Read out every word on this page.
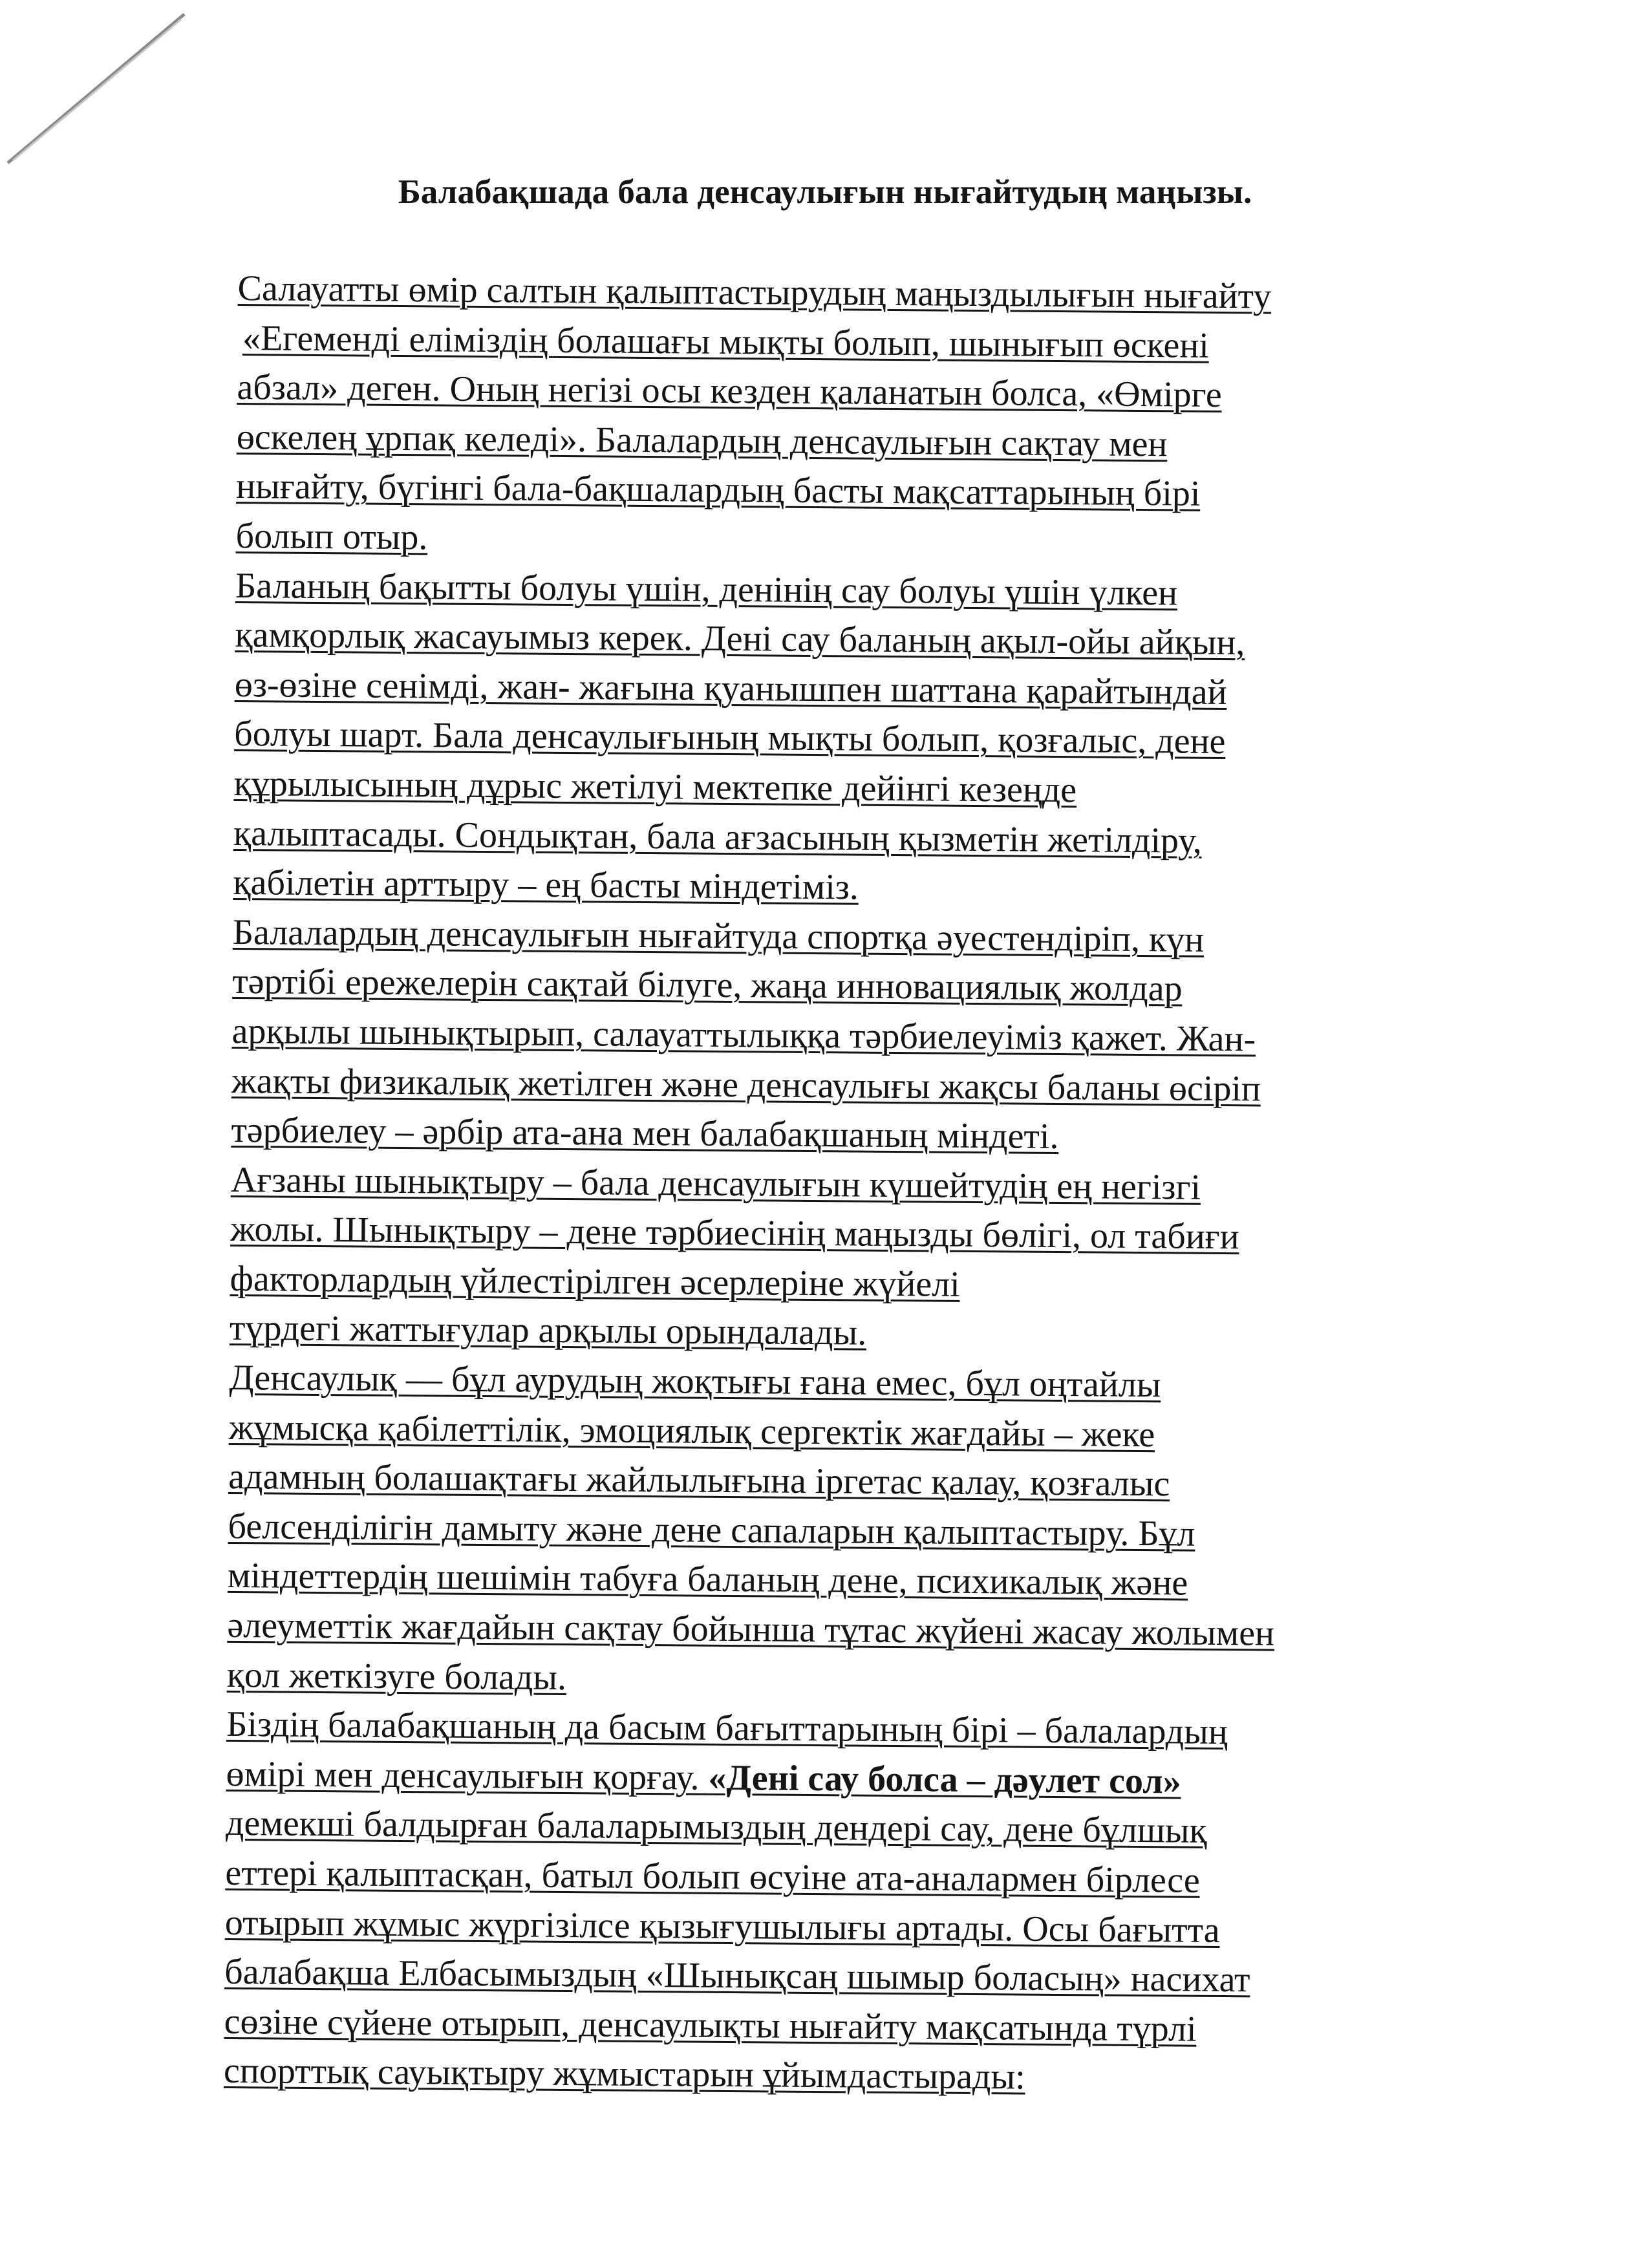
Балабақшада бала денсаулығын нығайтудың маңызы.
Салауатты өмір салтын қалыптастырудың маңыздылығын нығайту
«Егеменді еліміздің болашағы мықты болып, шынығып өскені
абзал» деген. Оның негізі осы кезден қаланатын болса, «Өмірге
өскелең ұрпақ келеді». Балалардың денсаулығын сақтау мен
нығайту, бүгінгі бала-бақшалардың басты мақсаттарының бірі
болып отыр.
Баланың бақытты болуы үшін, денінің сау болуы үшін үлкен
қамқорлық жасауымыз керек. Дені сау баланың ақыл-ойы айқын,
өз-өзіне сенімді, жан- жағына қуанышпен шаттана қарайтындай
болуы шарт. Бала денсаулығының мықты болып, қозғалыс, дене
құрылысының дұрыс жетілуі мектепке дейінгі кезеңде
қалыптасады. Сондықтан, бала ағзасының қызметін жетілдіру,
қабілетін арттыру – ең басты міндетіміз.
Балалардың денсаулығын нығайтуда спортқа әуестендіріп, күн
тәртібі ережелерін сақтай білуге, жаңа инновациялық жолдар
арқылы шынықтырып, салауаттылыққа тәрбиелеуіміз қажет. Жан-
жақты физикалық жетілген және денсаулығы жақсы баланы өсіріп
тәрбиелеу – әрбір ата-ана мен балабақшаның міндеті.
Ағзаны шынықтыру – бала денсаулығын күшейтудің ең негізгі
жолы. Шынықтыру – дене тәрбиесінің маңызды бөлігі, ол табиғи
факторлардың үйлестірілген әсерлеріне жүйелі
түрдегі жаттығулар арқылы орындалады.
Денсаулық — бұл аурудың жоқтығы ғана емес, бұл оңтайлы
жұмысқа қабілеттілік, эмоциялық сергектік жағдайы – жеке
адамның болашақтағы жайлылығына іргетас қалау, қозғалыс
белсенділігін дамыту және дене сапаларын қалыптастыру. Бұл
міндеттердің шешімін табуға баланың дене, психикалық және
әлеуметтік жағдайын сақтау бойынша тұтас жүйені жасау жолымен
қол жеткізуге болады.
Біздің балабақшаның да басым бағыттарының бірі – балалардың
өмірі мен денсаулығын қорғау. «Дені сау болса – дәулет сол»
демекші балдырған балаларымыздың дендері сау, дене бұлшық
еттері қалыптасқан, батыл болып өсуіне ата-аналармен бірлесе
отырып жұмыс жүргізілсе қызығушылығы артады. Осы бағытта
балабақша Елбасымыздың «Шынықсаң шымыр боласың» насихат
сөзіне сүйене отырып, денсаулықты нығайту мақсатында түрлі
спорттық сауықтыру жұмыстарын ұйымдастырады:
